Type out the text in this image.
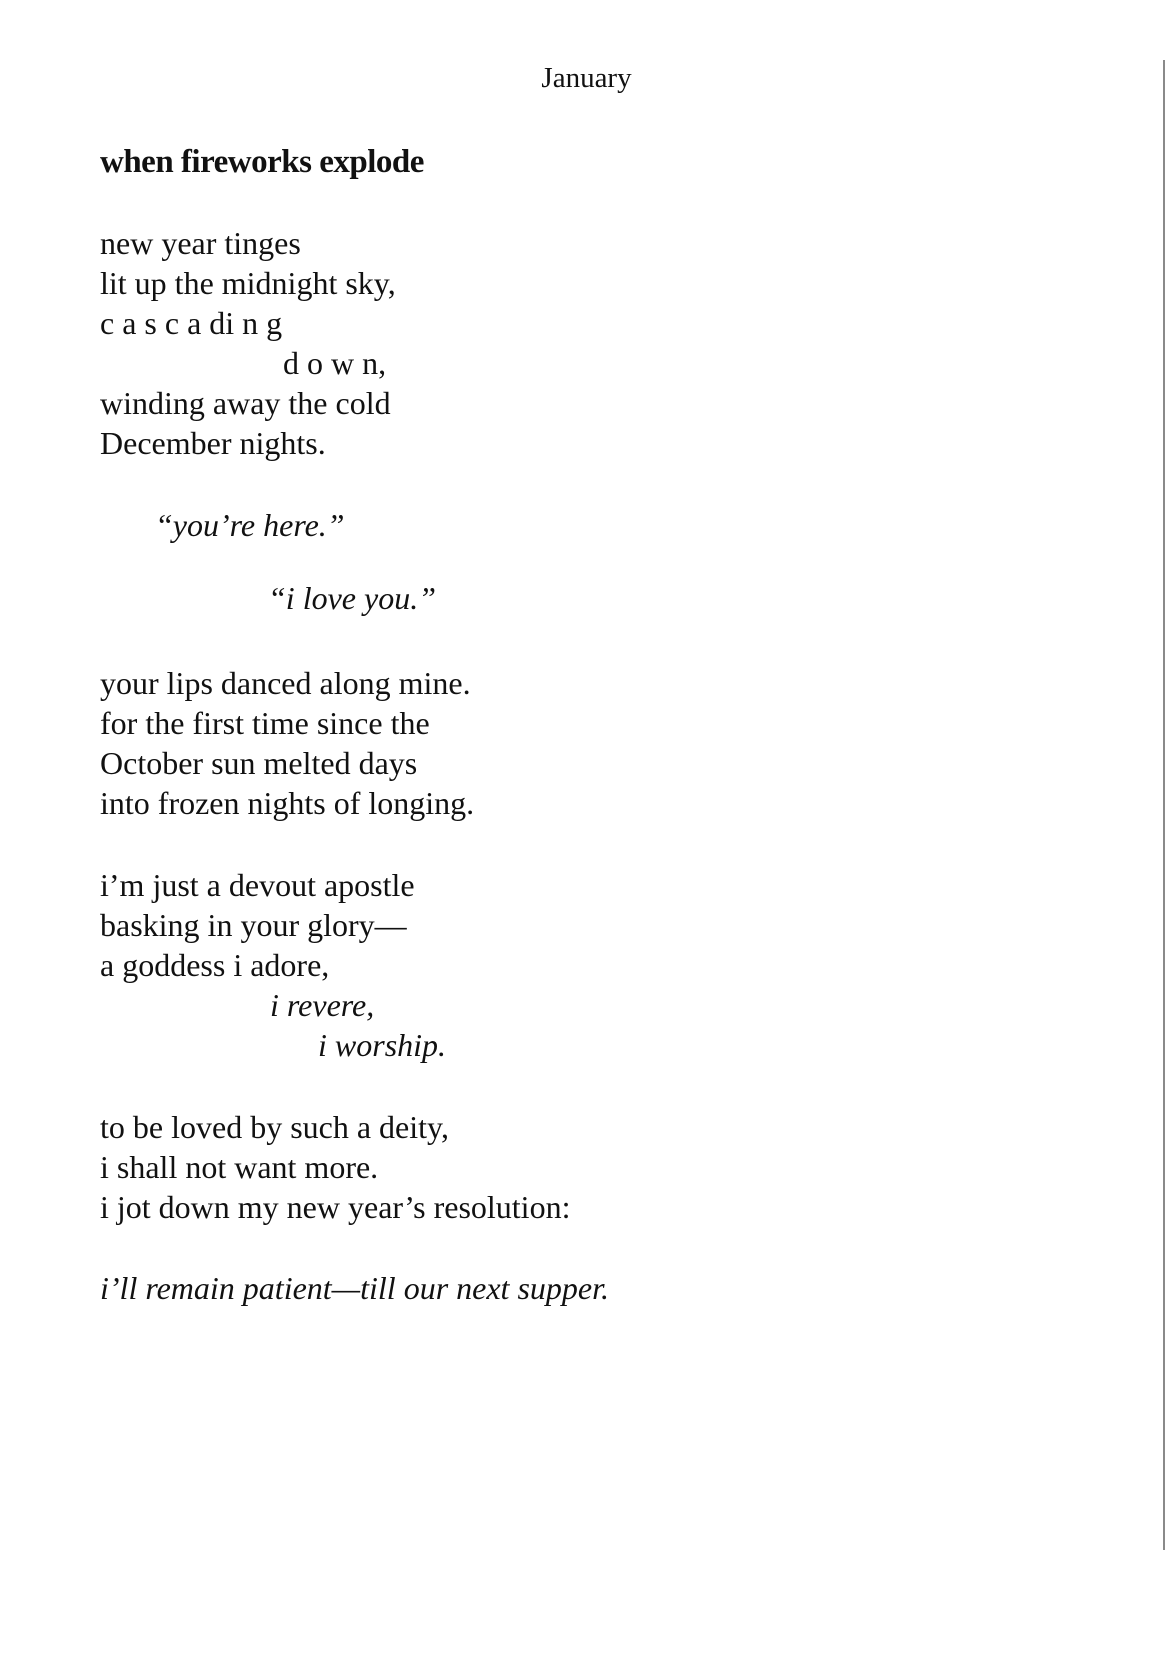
January
when fireworks explode
new year tinges
lit up the midnight sky,
c a s c a di n g
d o w n,
winding away the cold
December nights.
“you’re here.”
“i love you.”
your lips danced along mine.
for the first time since the
October sun melted days
into frozen nights of longing.
i’m just a devout apostle
basking in your glory—
a goddess i adore,
i revere,
i worship.
to be loved by such a deity,
i shall not want more.
i jot down my new year’s resolution:
i’ll remain patient—till our next supper.
